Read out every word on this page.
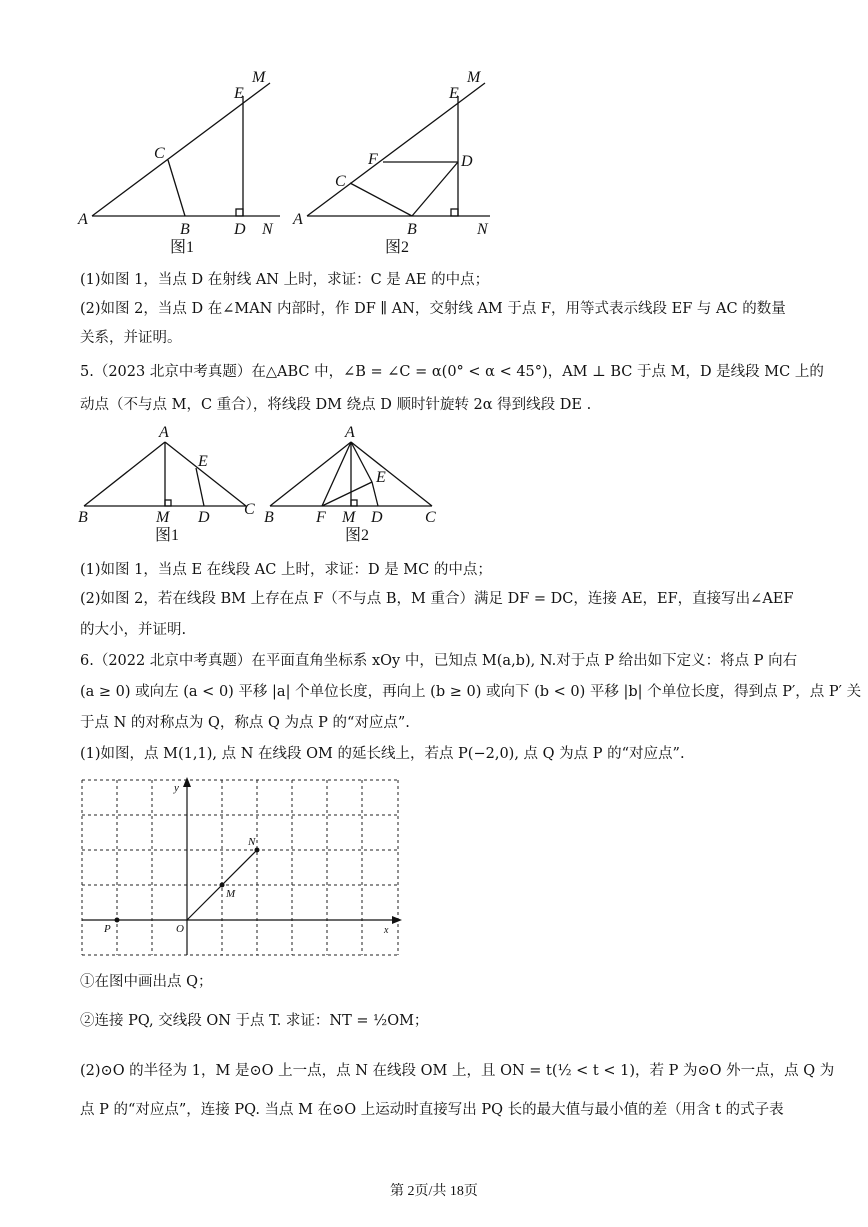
A
B
C
D
E
M
N
图1
A
B
C
D
E
F
M
N
图2
(1)如图 1，当点 D 在射线 AN 上时，求证：C 是 AE 的中点；
(2)如图 2，当点 D 在∠MAN 内部时，作 DF ∥ AN，交射线 AM 于点 F，用等式表示线段 EF 与 AC 的数量
关系，并证明。
5.（2023 北京中考真题）在△ABC 中，∠B = ∠C = α(0° < α < 45°)，AM ⊥ BC 于点 M，D 是线段 MC 上的
动点（不与点 M，C 重合），将线段 DM 绕点 D 顺时针旋转 2α 得到线段 DE .
B
A
C
M D
E
图1
B
A
C
F M D
E
图2
(1)如图 1，当点 E 在线段 AC 上时，求证：D 是 MC 的中点；
(2)如图 2，若在线段 BM 上存在点 F（不与点 B，M 重合）满足 DF = DC，连接 AE，EF，直接写出∠AEF
的大小，并证明.
6.（2022 北京中考真题）在平面直角坐标系 xOy 中，已知点 M(a,b), N.对于点 P 给出如下定义：将点 P 向右
(a ≥ 0) 或向左 (a < 0) 平移 |a| 个单位长度，再向上 (b ≥ 0) 或向下 (b < 0) 平移 |b| 个单位长度，得到点 P′，点 P′ 关
于点 N 的对称点为 Q，称点 Q 为点 P 的“对应点”.
(1)如图，点 M(1,1), 点 N 在线段 OM 的延长线上，若点 P(−2,0), 点 Q 为点 P 的“对应点”.
y
x
O
P
M
N
①在图中画出点 Q；
②连接 PQ, 交线段 ON 于点 T. 求证：NT = ½OM；
(2)⊙O 的半径为 1，M 是⊙O 上一点，点 N 在线段 OM 上，且 ON = t(½ < t < 1)，若 P 为⊙O 外一点，点 Q 为
点 P 的“对应点”，连接 PQ. 当点 M 在⊙O 上运动时直接写出 PQ 长的最大值与最小值的差（用含 t 的式子表
第 2页/共 18页
